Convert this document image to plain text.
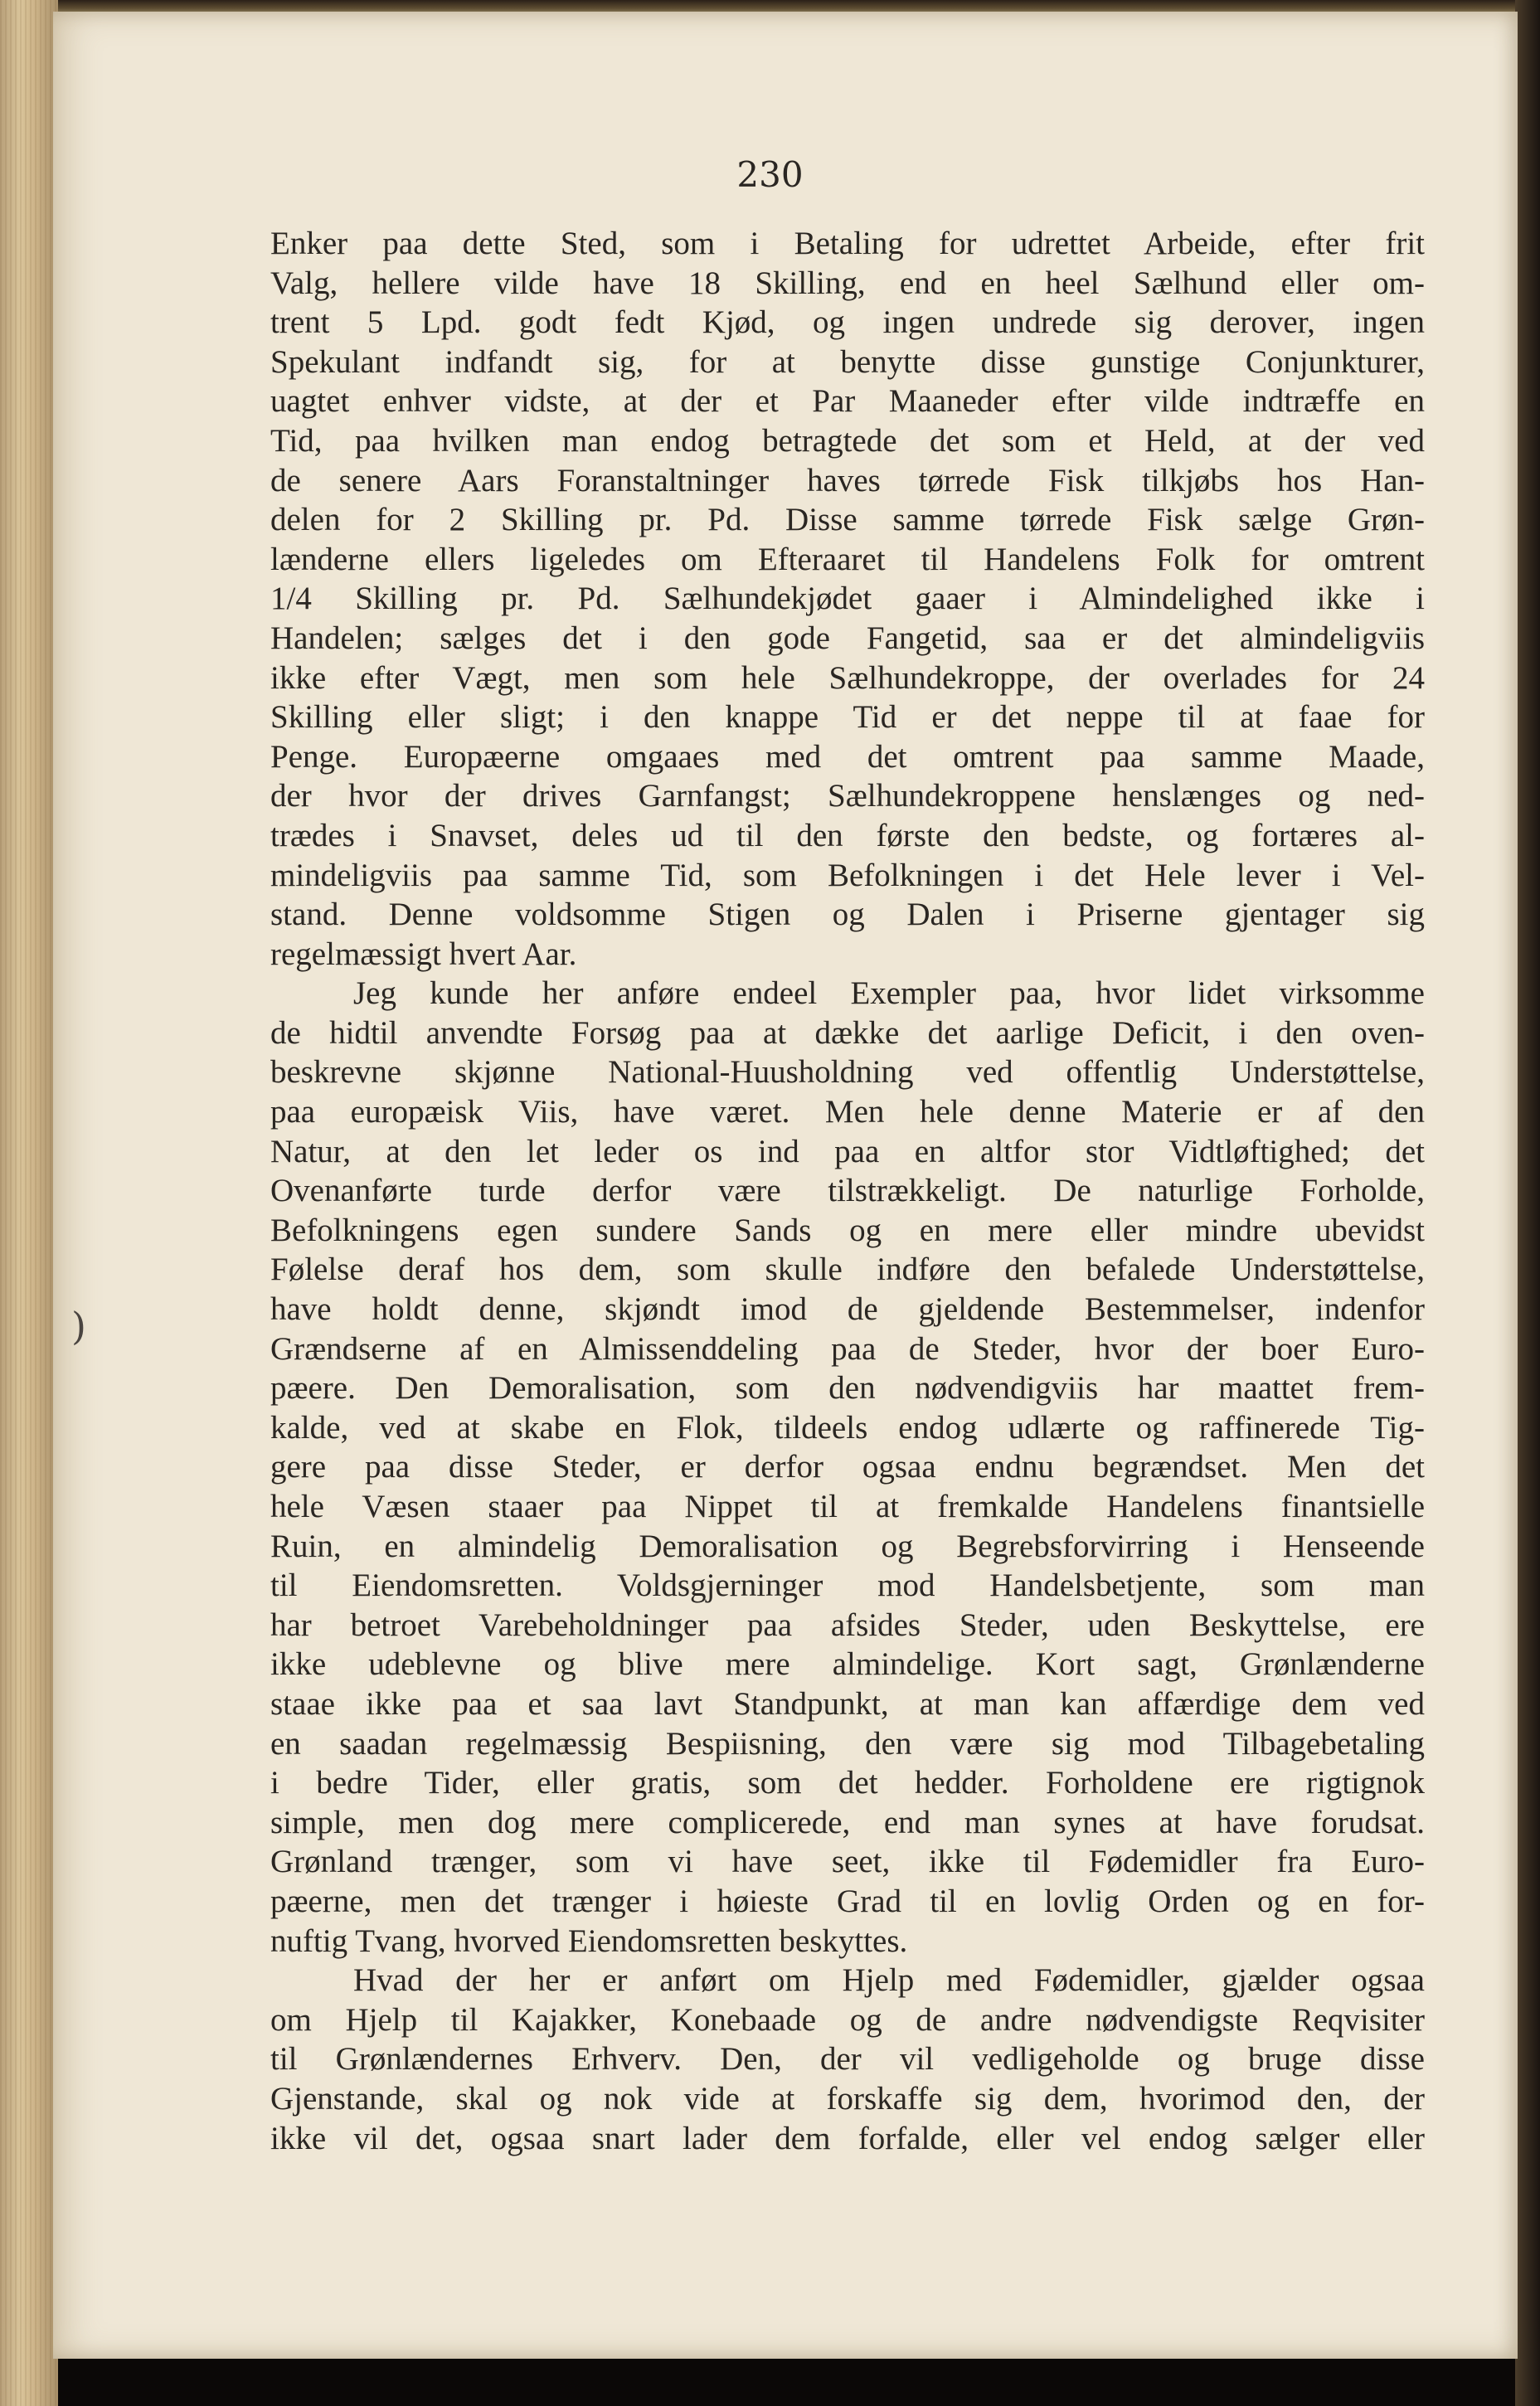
230
)
Enker paa dette Sted, som i Betaling for udrettet Arbeide, efter frit
Valg, hellere vilde have 18 Skilling, end en heel Sælhund eller om-
trent 5 Lpd. godt fedt Kjød, og ingen undrede sig derover, ingen
Spekulant indfandt sig, for at benytte disse gunstige Conjunkturer,
uagtet enhver vidste, at der et Par Maaneder efter vilde indtræffe en
Tid, paa hvilken man endog betragtede det som et Held, at der ved
de senere Aars Foranstaltninger haves tørrede Fisk tilkjøbs hos Han-
delen for 2 Skilling pr. Pd. Disse samme tørrede Fisk sælge Grøn-
lænderne ellers ligeledes om Efteraaret til Handelens Folk for omtrent
1/4 Skilling pr. Pd. Sælhundekjødet gaaer i Almindelighed ikke i
Handelen; sælges det i den gode Fangetid, saa er det almindeligviis
ikke efter Vægt, men som hele Sælhundekroppe, der overlades for 24
Skilling eller sligt; i den knappe Tid er det neppe til at faae for
Penge. Europæerne omgaaes med det omtrent paa samme Maade,
der hvor der drives Garnfangst; Sælhundekroppene henslænges og ned-
trædes i Snavset, deles ud til den første den bedste, og fortæres al-
mindeligviis paa samme Tid, som Befolkningen i det Hele lever i Vel-
stand. Denne voldsomme Stigen og Dalen i Priserne gjentager sig
regelmæssigt hvert Aar.
Jeg kunde her anføre endeel Exempler paa, hvor lidet virksomme
de hidtil anvendte Forsøg paa at dække det aarlige Deficit, i den oven-
beskrevne skjønne National-Huusholdning ved offentlig Understøttelse,
paa europæisk Viis, have været. Men hele denne Materie er af den
Natur, at den let leder os ind paa en altfor stor Vidtløftighed; det
Ovenanførte turde derfor være tilstrækkeligt. De naturlige Forholde,
Befolkningens egen sundere Sands og en mere eller mindre ubevidst
Følelse deraf hos dem, som skulle indføre den befalede Understøttelse,
have holdt denne, skjøndt imod de gjeldende Bestemmelser, indenfor
Grændserne af en Almissenddeling paa de Steder, hvor der boer Euro-
pæere. Den Demoralisation, som den nødvendigviis har maattet frem-
kalde, ved at skabe en Flok, tildeels endog udlærte og raffinerede Tig-
gere paa disse Steder, er derfor ogsaa endnu begrændset. Men det
hele Væsen staaer paa Nippet til at fremkalde Handelens finantsielle
Ruin, en almindelig Demoralisation og Begrebsforvirring i Henseende
til Eiendomsretten. Voldsgjerninger mod Handelsbetjente, som man
har betroet Varebeholdninger paa afsides Steder, uden Beskyttelse, ere
ikke udeblevne og blive mere almindelige. Kort sagt, Grønlænderne
staae ikke paa et saa lavt Standpunkt, at man kan affærdige dem ved
en saadan regelmæssig Bespiisning, den være sig mod Tilbagebetaling
i bedre Tider, eller gratis, som det hedder. Forholdene ere rigtignok
simple, men dog mere complicerede, end man synes at have forudsat.
Grønland trænger, som vi have seet, ikke til Fødemidler fra Euro-
pæerne, men det trænger i høieste Grad til en lovlig Orden og en for-
nuftig Tvang, hvorved Eiendomsretten beskyttes.
Hvad der her er anført om Hjelp med Fødemidler, gjælder ogsaa
om Hjelp til Kajakker, Konebaade og de andre nødvendigste Reqvisiter
til Grønlændernes Erhverv. Den, der vil vedligeholde og bruge disse
Gjenstande, skal og nok vide at forskaffe sig dem, hvorimod den, der
ikke vil det, ogsaa snart lader dem forfalde, eller vel endog sælger eller
